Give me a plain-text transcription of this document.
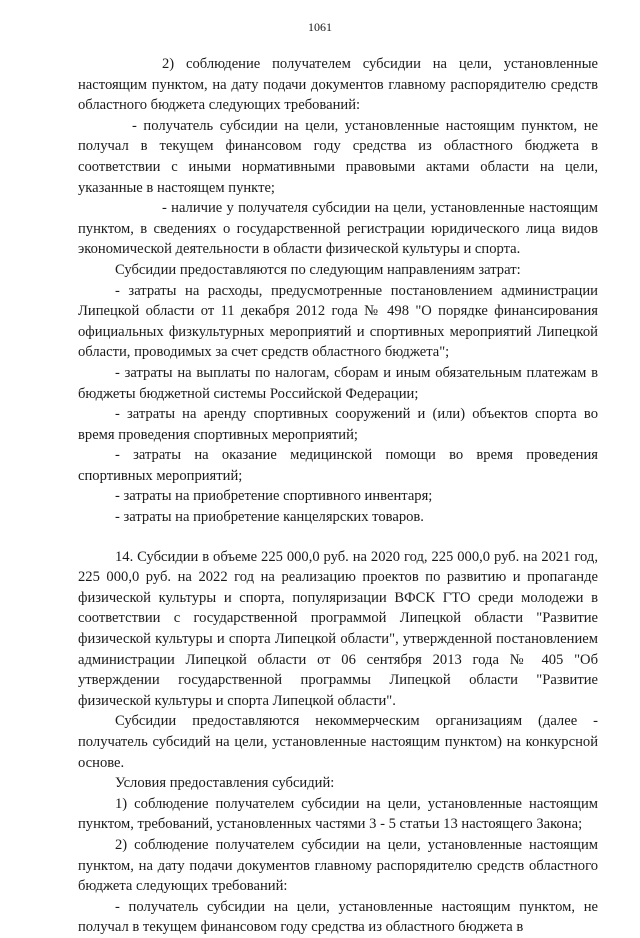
1061

2) соблюдение получателем субсидии на цели, установленные настоящим пунктом, на дату подачи документов главному распорядителю средств областного бюджета следующих требований:

- получатель субсидии на цели, установленные настоящим пунктом, не получал в текущем финансовом году средства из областного бюджета в соответствии с иными нормативными правовыми актами области на цели, указанные в настоящем пункте;

- наличие у получателя субсидии на цели, установленные настоящим пунктом, в сведениях о государственной регистрации юридического лица видов экономической деятельности в области физической культуры и спорта.

Субсидии предоставляются по следующим направлениям затрат:

- затраты на расходы, предусмотренные постановлением администрации Липецкой области от 11 декабря 2012 года № 498 "О порядке финансирования официальных физкультурных мероприятий и спортивных мероприятий Липецкой области, проводимых за счет средств областного бюджета";

- затраты на выплаты по налогам, сборам и иным обязательным платежам в бюджеты бюджетной системы Российской Федерации;

- затраты на аренду спортивных сооружений и (или) объектов спорта во время проведения спортивных мероприятий;

- затраты на оказание медицинской помощи во время проведения спортивных мероприятий;

- затраты на приобретение спортивного инвентаря;

- затраты на приобретение канцелярских товаров.

14. Субсидии в объеме 225 000,0 руб. на 2020 год, 225 000,0 руб. на 2021 год, 225 000,0 руб. на 2022 год на реализацию проектов по развитию и пропаганде физической культуры и спорта, популяризации ВФСК ГТО среди молодежи в соответствии с государственной программой Липецкой области "Развитие физической культуры и спорта Липецкой области", утвержденной постановлением администрации Липецкой области от 06 сентября 2013 года № 405 "Об утверждении государственной программы Липецкой области "Развитие физической культуры и спорта Липецкой области".

Субсидии предоставляются некоммерческим организациям (далее - получатель субсидий на цели, установленные настоящим пунктом) на конкурсной основе.

Условия предоставления субсидий:

1) соблюдение получателем субсидии на цели, установленные настоящим пунктом, требований, установленных частями 3 - 5 статьи 13 настоящего Закона;

2) соблюдение получателем субсидии на цели, установленные настоящим пунктом, на дату подачи документов главному распорядителю средств областного бюджета следующих требований:

- получатель субсидии на цели, установленные настоящим пунктом, не получал в текущем финансовом году средства из областного бюджета в
